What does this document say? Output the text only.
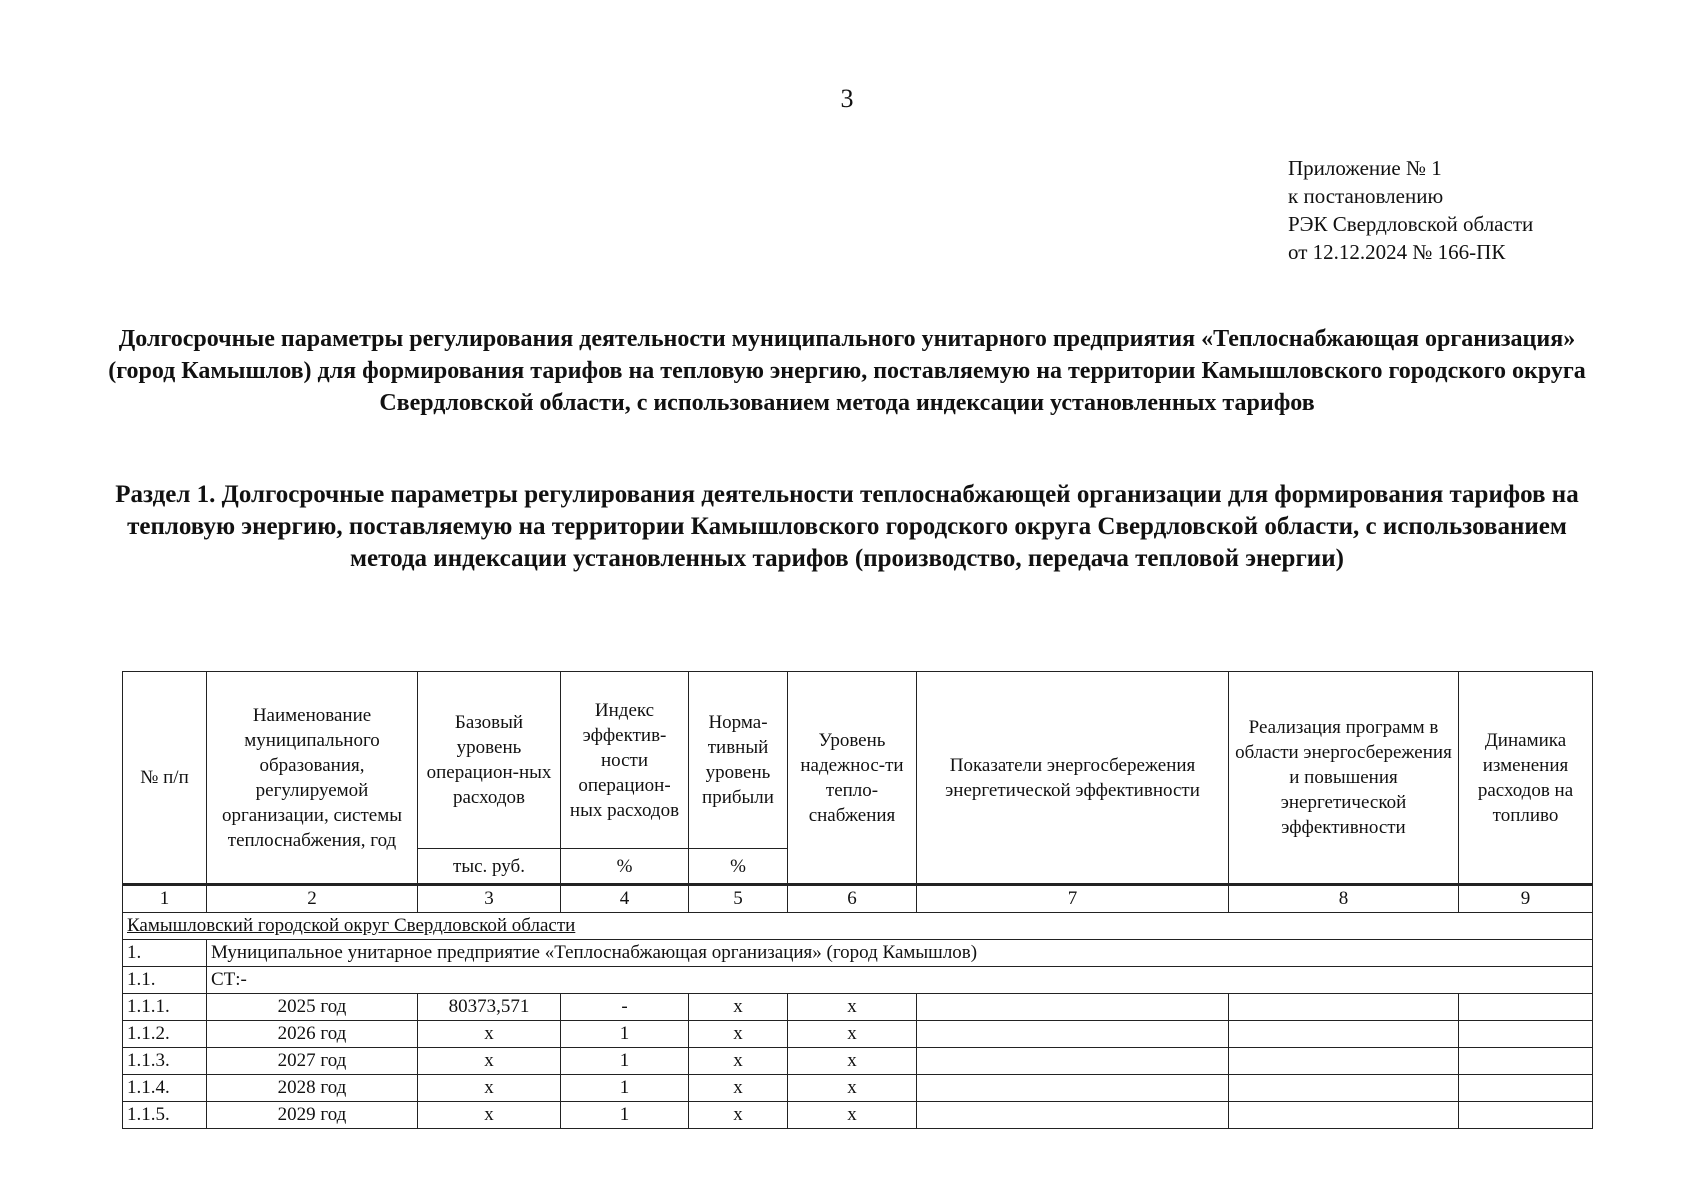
3
Приложение № 1
к постановлению
РЭК Свердловской области
от 12.12.2024 № 166-ПК
Долгосрочные параметры регулирования деятельности муниципального унитарного предприятия «Теплоснабжающая организация» (город Камышлов) для формирования тарифов на тепловую энергию, поставляемую на территории Камышловского городского округа Свердловской области, с использованием метода индексации установленных тарифов
Раздел 1. Долгосрочные параметры регулирования деятельности теплоснабжающей организации для формирования тарифов на тепловую энергию, поставляемую на территории Камышловского городского округа Свердловской области, с использованием метода индексации установленных тарифов (производство, передача тепловой энергии)
№ п/п	Наименование муниципального образования, регулируемой организации, системы теплоснабжения, год	Базовый уровень операцион-ных расходов	Индекс эффектив-ности операцион-ных расходов	Норма-тивный уровень прибыли	Уровень надежнос-ти тепло-снабжения	Показатели энергосбережения энергетической эффективности	Реализация программ в области энергосбережения и повышения энергетической эффективности	Динамика изменения расходов на топливо
		тыс. руб.	%	%				
1	2	3	4	5	6	7	8	9
Камышловский городской округ Свердловской области								
1.	Муниципальное унитарное предприятие «Теплоснабжающая организация» (город Камышлов)							
1.1.	СТ:-							
1.1.1.	2025 год	80373,571	-	х	х			
1.1.2.	2026 год	х	1	х	х			
1.1.3.	2027 год	х	1	х	х			
1.1.4.	2028 год	х	1	х	х			
1.1.5.	2029 год	х	1	х	х			
